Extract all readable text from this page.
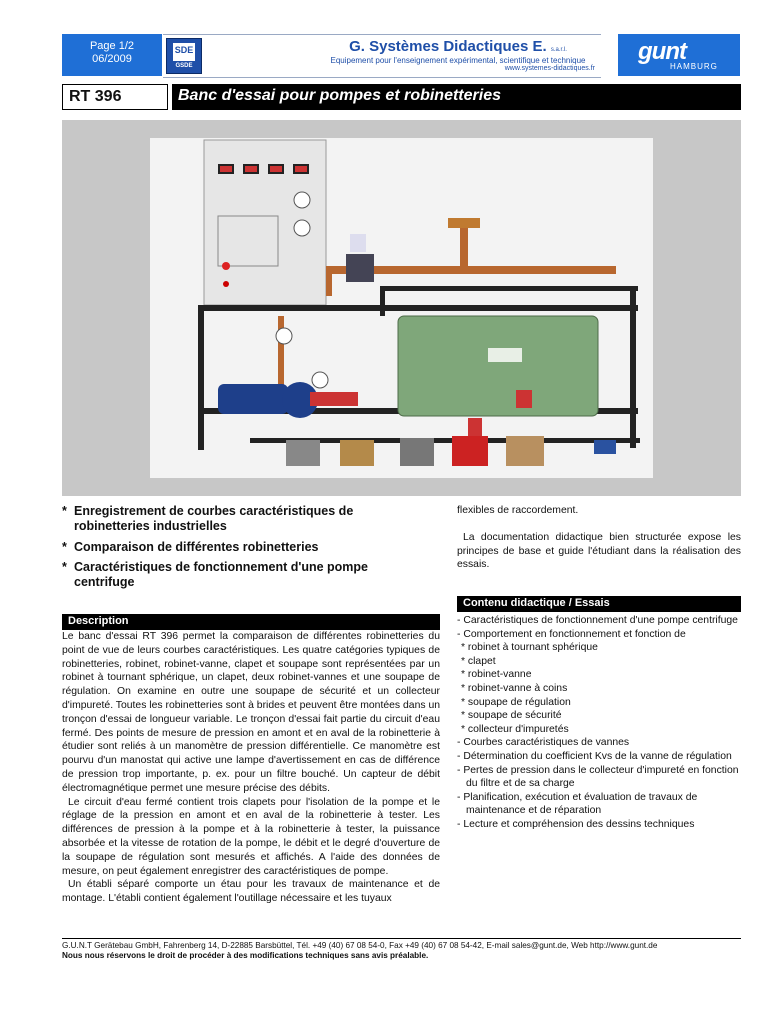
Page 1/2
06/2009
SDE
GSDE
G. Systèmes Didactiques E. s.a.r.l.
Equipement pour l'enseignement expérimental, scientifique et technique
www.systemes-didactiques.fr
gunt
HAMBURG
RT 396	Banc d'essai pour pompes et robinetteries
* Enregistrement de courbes caractéristiques de
robinetteries industrielles
* Comparaison de différentes robinetteries
* Caractéristiques de fonctionnement d'une pompe
centrifuge
Description

Le banc d'essai RT 396 permet la comparaison de différentes robinetteries du point de vue de leurs courbes caractéristiques. Les quatre catégories typiques de robinetteries, robinet, robinet-vanne, clapet et soupape sont représentées par un robinet à tournant sphérique, un clapet, deux robinet-vannes et une soupape de régulation. On examine en outre une soupape de sécurité et un collecteur d'impureté. Toutes les robinetteries sont à brides et peuvent être montées dans un tronçon d'essai de longueur variable. Le tronçon d'essai fait partie du circuit d'eau fermé. Des points de mesure de pression en amont et en aval de la robinetterie à étudier sont reliés à un manomètre de pression différentielle. Ce manomètre est pourvu d'un manostat qui active une lampe d'avertissement en cas de différence de pression trop importante, p. ex. pour un filtre bouché. Un capteur de débit électromagnétique permet une mesure précise des débits.

Le circuit d'eau fermé contient trois clapets pour l'isolation de la pompe et le réglage de la pression en amont et en aval de la robinetterie à tester. Les différences de pression à la pompe et à la robinetterie à tester, la puissance absorbée et la vitesse de rotation de la pompe, le débit et le degré d'ouverture de la soupape de régulation sont mesurés et affichés. A l'aide des données de mesure, on peut également enregistrer des caractéristiques de pompe.

Un établi séparé comporte un étau pour les travaux de maintenance et de montage. L'établi contient également l'outillage nécessaire et les tuyaux

flexibles de raccordement.

La documentation didactique bien structurée expose les principes de base et guide l'étudiant dans la réalisation des essais.

Contenu didactique / Essais
- Caractéristiques de fonctionnement d'une pompe centrifuge
- Comportement en fonctionnement et fonction de
* robinet à tournant sphérique
* clapet
* robinet-vanne
* robinet-vanne à coins
* soupape de régulation
* soupape de sécurité
* collecteur d'impuretés
- Courbes caractéristiques de vannes
- Détermination du coefficient Kvs de la vanne de régulation
- Pertes de pression dans le collecteur d'impureté en fonction du filtre et de sa charge
- Planification, exécution et évaluation de travaux de maintenance et de réparation
- Lecture et compréhension des dessins techniques
G.U.N.T Gerätebau GmbH, Fahrenberg 14, D-22885 Barsbüttel, Tél. +49 (40) 67 08 54-0, Fax +49 (40) 67 08 54-42, E-mail sales@gunt.de, Web http://www.gunt.de
Nous nous réservons le droit de procéder à des modifications techniques sans avis préalable.
